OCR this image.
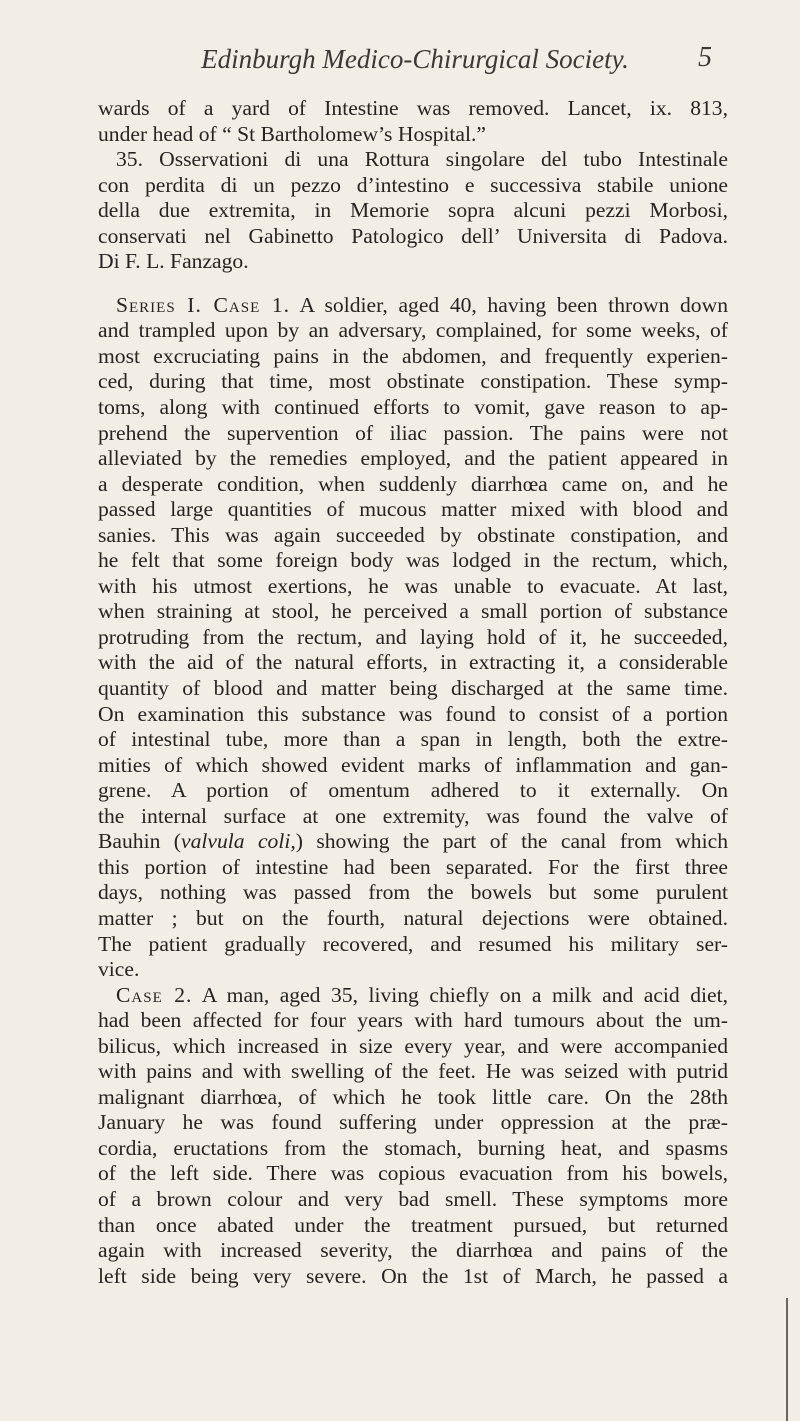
Edinburgh Medico-Chirurgical Society.	5
wards of a yard of Intestine was removed. Lancet, ix. 813,
under head of “ St Bartholomew’s Hospital.”
35. Osservationi di una Rottura singolare del tubo Intestinale
con perdita di un pezzo d’intestino e successiva stabile unione
della due extremita, in Memorie sopra alcuni pezzi Morbosi,
conservati nel Gabinetto Patologico dell’ Universita di Padova.
Di F. L. Fanzago.
Series I. Case 1. A soldier, aged 40, having been thrown down
and trampled upon by an adversary, complained, for some weeks, of
most excruciating pains in the abdomen, and frequently experien-
ced, during that time, most obstinate constipation. These symp-
toms, along with continued efforts to vomit, gave reason to ap-
prehend the supervention of iliac passion. The pains were not
alleviated by the remedies employed, and the patient appeared in
a desperate condition, when suddenly diarrhœa came on, and he
passed large quantities of mucous matter mixed with blood and
sanies. This was again succeeded by obstinate constipation, and
he felt that some foreign body was lodged in the rectum, which,
with his utmost exertions, he was unable to evacuate. At last,
when straining at stool, he perceived a small portion of substance
protruding from the rectum, and laying hold of it, he succeeded,
with the aid of the natural efforts, in extracting it, a considerable
quantity of blood and matter being discharged at the same time.
On examination this substance was found to consist of a portion
of intestinal tube, more than a span in length, both the extre-
mities of which showed evident marks of inflammation and gan-
grene. A portion of omentum adhered to it externally. On
the internal surface at one extremity, was found the valve of
Bauhin (valvula coli,) showing the part of the canal from which
this portion of intestine had been separated. For the first three
days, nothing was passed from the bowels but some purulent
matter ; but on the fourth, natural dejections were obtained.
The patient gradually recovered, and resumed his military ser-
vice.
Case 2. A man, aged 35, living chiefly on a milk and acid diet,
had been affected for four years with hard tumours about the um-
bilicus, which increased in size every year, and were accompanied
with pains and with swelling of the feet. He was seized with putrid
malignant diarrhœa, of which he took little care. On the 28th
January he was found suffering under oppression at the præ-
cordia, eructations from the stomach, burning heat, and spasms
of the left side. There was copious evacuation from his bowels,
of a brown colour and very bad smell. These symptoms more
than once abated under the treatment pursued, but returned
again with increased severity, the diarrhœa and pains of the
left side being very severe. On the 1st of March, he passed a
